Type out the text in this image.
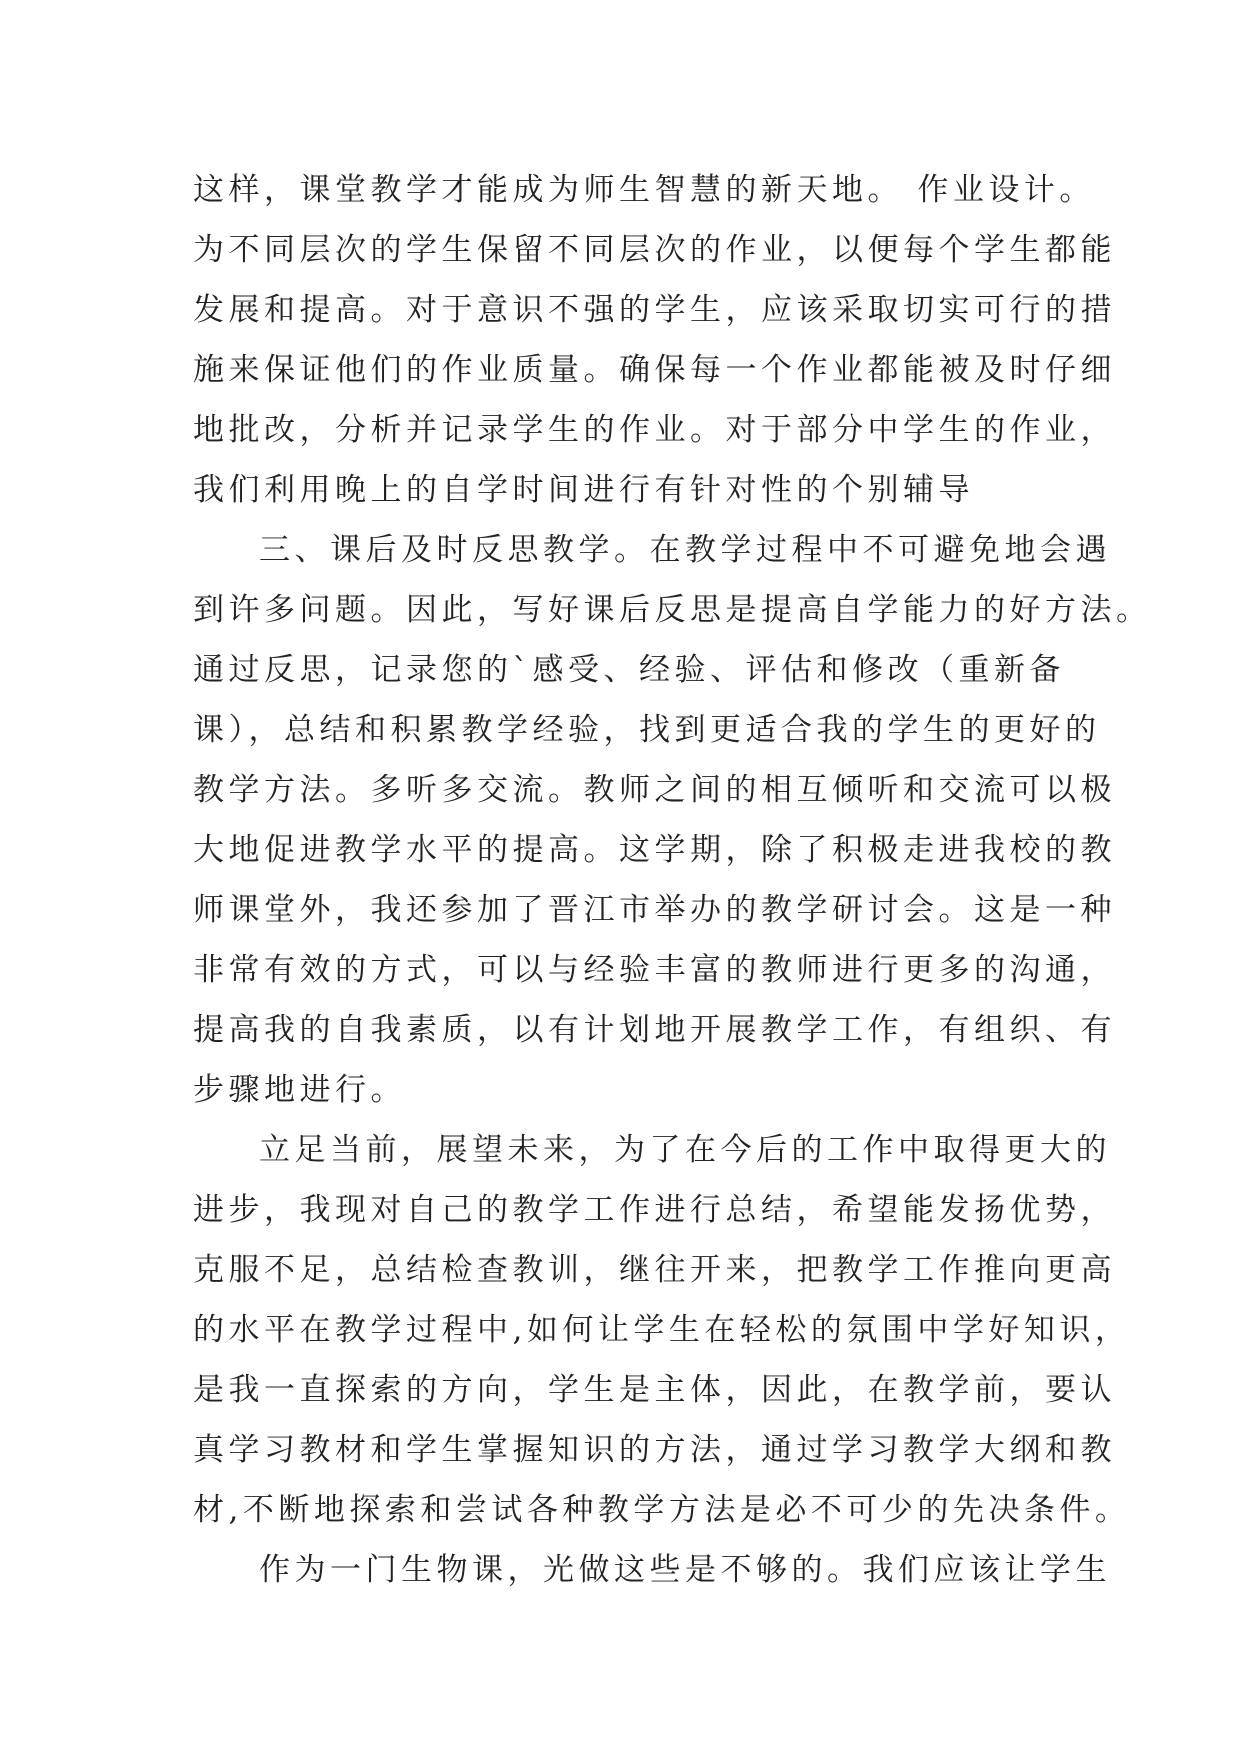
这样，课堂教学才能成为师生智慧的新天地。 作业设计。
为不同层次的学生保留不同层次的作业，以便每个学生都能
发展和提高。对于意识不强的学生，应该采取切实可行的措
施来保证他们的作业质量。确保每一个作业都能被及时仔细
地批改，分析并记录学生的作业。对于部分中学生的作业，
我们利用晚上的自学时间进行有针对性的个别辅导
三、课后及时反思教学。在教学过程中不可避免地会遇
到许多问题。因此，写好课后反思是提高自学能力的好方法。
通过反思，记录您的`感受、经验、评估和修改（重新备
课），总结和积累教学经验，找到更适合我的学生的更好的
教学方法。多听多交流。教师之间的相互倾听和交流可以极
大地促进教学水平的提高。这学期，除了积极走进我校的教
师课堂外，我还参加了晋江市举办的教学研讨会。这是一种
非常有效的方式，可以与经验丰富的教师进行更多的沟通，
提高我的自我素质，以有计划地开展教学工作，有组织、有
步骤地进行。
立足当前，展望未来，为了在今后的工作中取得更大的
进步，我现对自己的教学工作进行总结，希望能发扬优势，
克服不足，总结检查教训，继往开来，把教学工作推向更高
的水平在教学过程中,如何让学生在轻松的氛围中学好知识，
是我一直探索的方向，学生是主体，因此，在教学前，要认
真学习教材和学生掌握知识的方法，通过学习教学大纲和教
材,不断地探索和尝试各种教学方法是必不可少的先决条件。
作为一门生物课，光做这些是不够的。我们应该让学生
